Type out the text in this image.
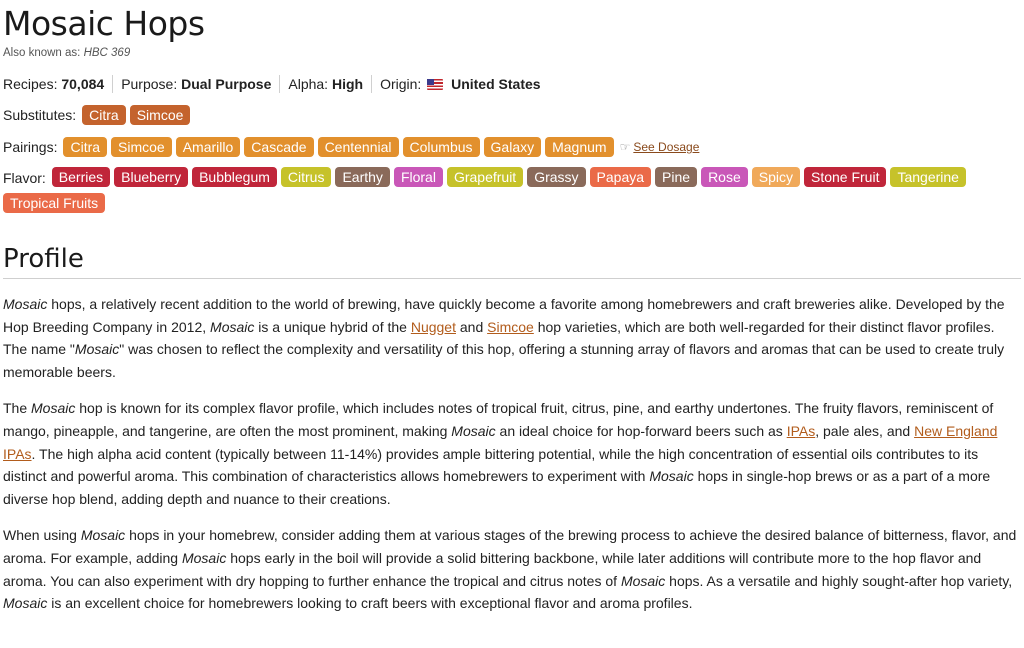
Mosaic Hops
Also known as: HBC 369
Recipes: 70,084	Purpose: Dual Purpose	Alpha: High	Origin: United States
Substitutes: Citra Simcoe
Pairings: Citra Simcoe Amarillo Cascade Centennial Columbus Galaxy Magnum	☞ See Dosage
Flavor: Berries	Blueberry	Bubblegum	Citrus	Earthy	Floral	Grapefruit	Grassy	Papaya	Pine	Rose	Spicy	Stone Fruit	Tangerine
Tropical Fruits
Profile

Mosaic hops, a relatively recent addition to the world of brewing, have quickly become a favorite among homebrewers and craft breweries alike. Developed by the Hop Breeding Company in 2012, Mosaic is a unique hybrid of the Nugget and Simcoe hop varieties, which are both well-regarded for their distinct flavor profiles. The name "Mosaic" was chosen to reflect the complexity and versatility of this hop, offering a stunning array of flavors and aromas that can be used to create truly memorable beers.

The Mosaic hop is known for its complex flavor profile, which includes notes of tropical fruit, citrus, pine, and earthy undertones. The fruity flavors, reminiscent of mango, pineapple, and tangerine, are often the most prominent, making Mosaic an ideal choice for hop-forward beers such as IPAs, pale ales, and New England IPAs. The high alpha acid content (typically between 11-14%) provides ample bittering potential, while the high concentration of essential oils contributes to its distinct and powerful aroma. This combination of characteristics allows homebrewers to experiment with Mosaic hops in single-hop brews or as a part of a more diverse hop blend, adding depth and nuance to their creations.

When using Mosaic hops in your homebrew, consider adding them at various stages of the brewing process to achieve the desired balance of bitterness, flavor, and aroma. For example, adding Mosaic hops early in the boil will provide a solid bittering backbone, while later additions will contribute more to the hop flavor and aroma. You can also experiment with dry hopping to further enhance the tropical and citrus notes of Mosaic hops. As a versatile and highly sought-after hop variety, Mosaic is an excellent choice for homebrewers looking to craft beers with exceptional flavor and aroma profiles.
